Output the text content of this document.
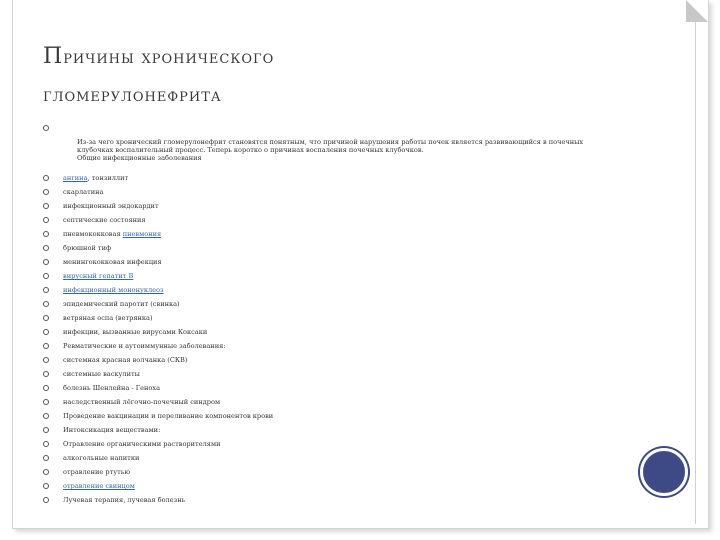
Причины хронического
гломерулонефрита
Из-за чего хронический гломерулонефрит становятся понятным, что причиной нарушения работы почек является развивающийся в почечных клубочках воспалительный процесс. Теперь коротко о причинах воспаления почечных клубочков.
Общие инфекционные заболевания
ангина, тонзиллит
скарлатина
инфекционный эндокардит
септические состояния
пневмококковая пневмония
брюшной тиф
менингококковая инфекция
вирусный гепатит В
инфекционный мононуклеоз
эпидемический паротит (свинка)
ветряная оспа (ветрянка)
инфекции, вызванные вирусами Коксаки
Ревматические и аутоиммунные заболевания:
системная красная волчанка (СКВ)
системные васкулиты
болезнь Шенлейна - Геноха
наследственный лёгочно-почечный синдром
Проведение вакцинации и переливание компонентов крови
Интоксикация веществами:
Отравление органическими растворителями
алкогольные напитки
отравление ртутью
отравление свинцом
Лучевая терапия, лучевая болезнь
